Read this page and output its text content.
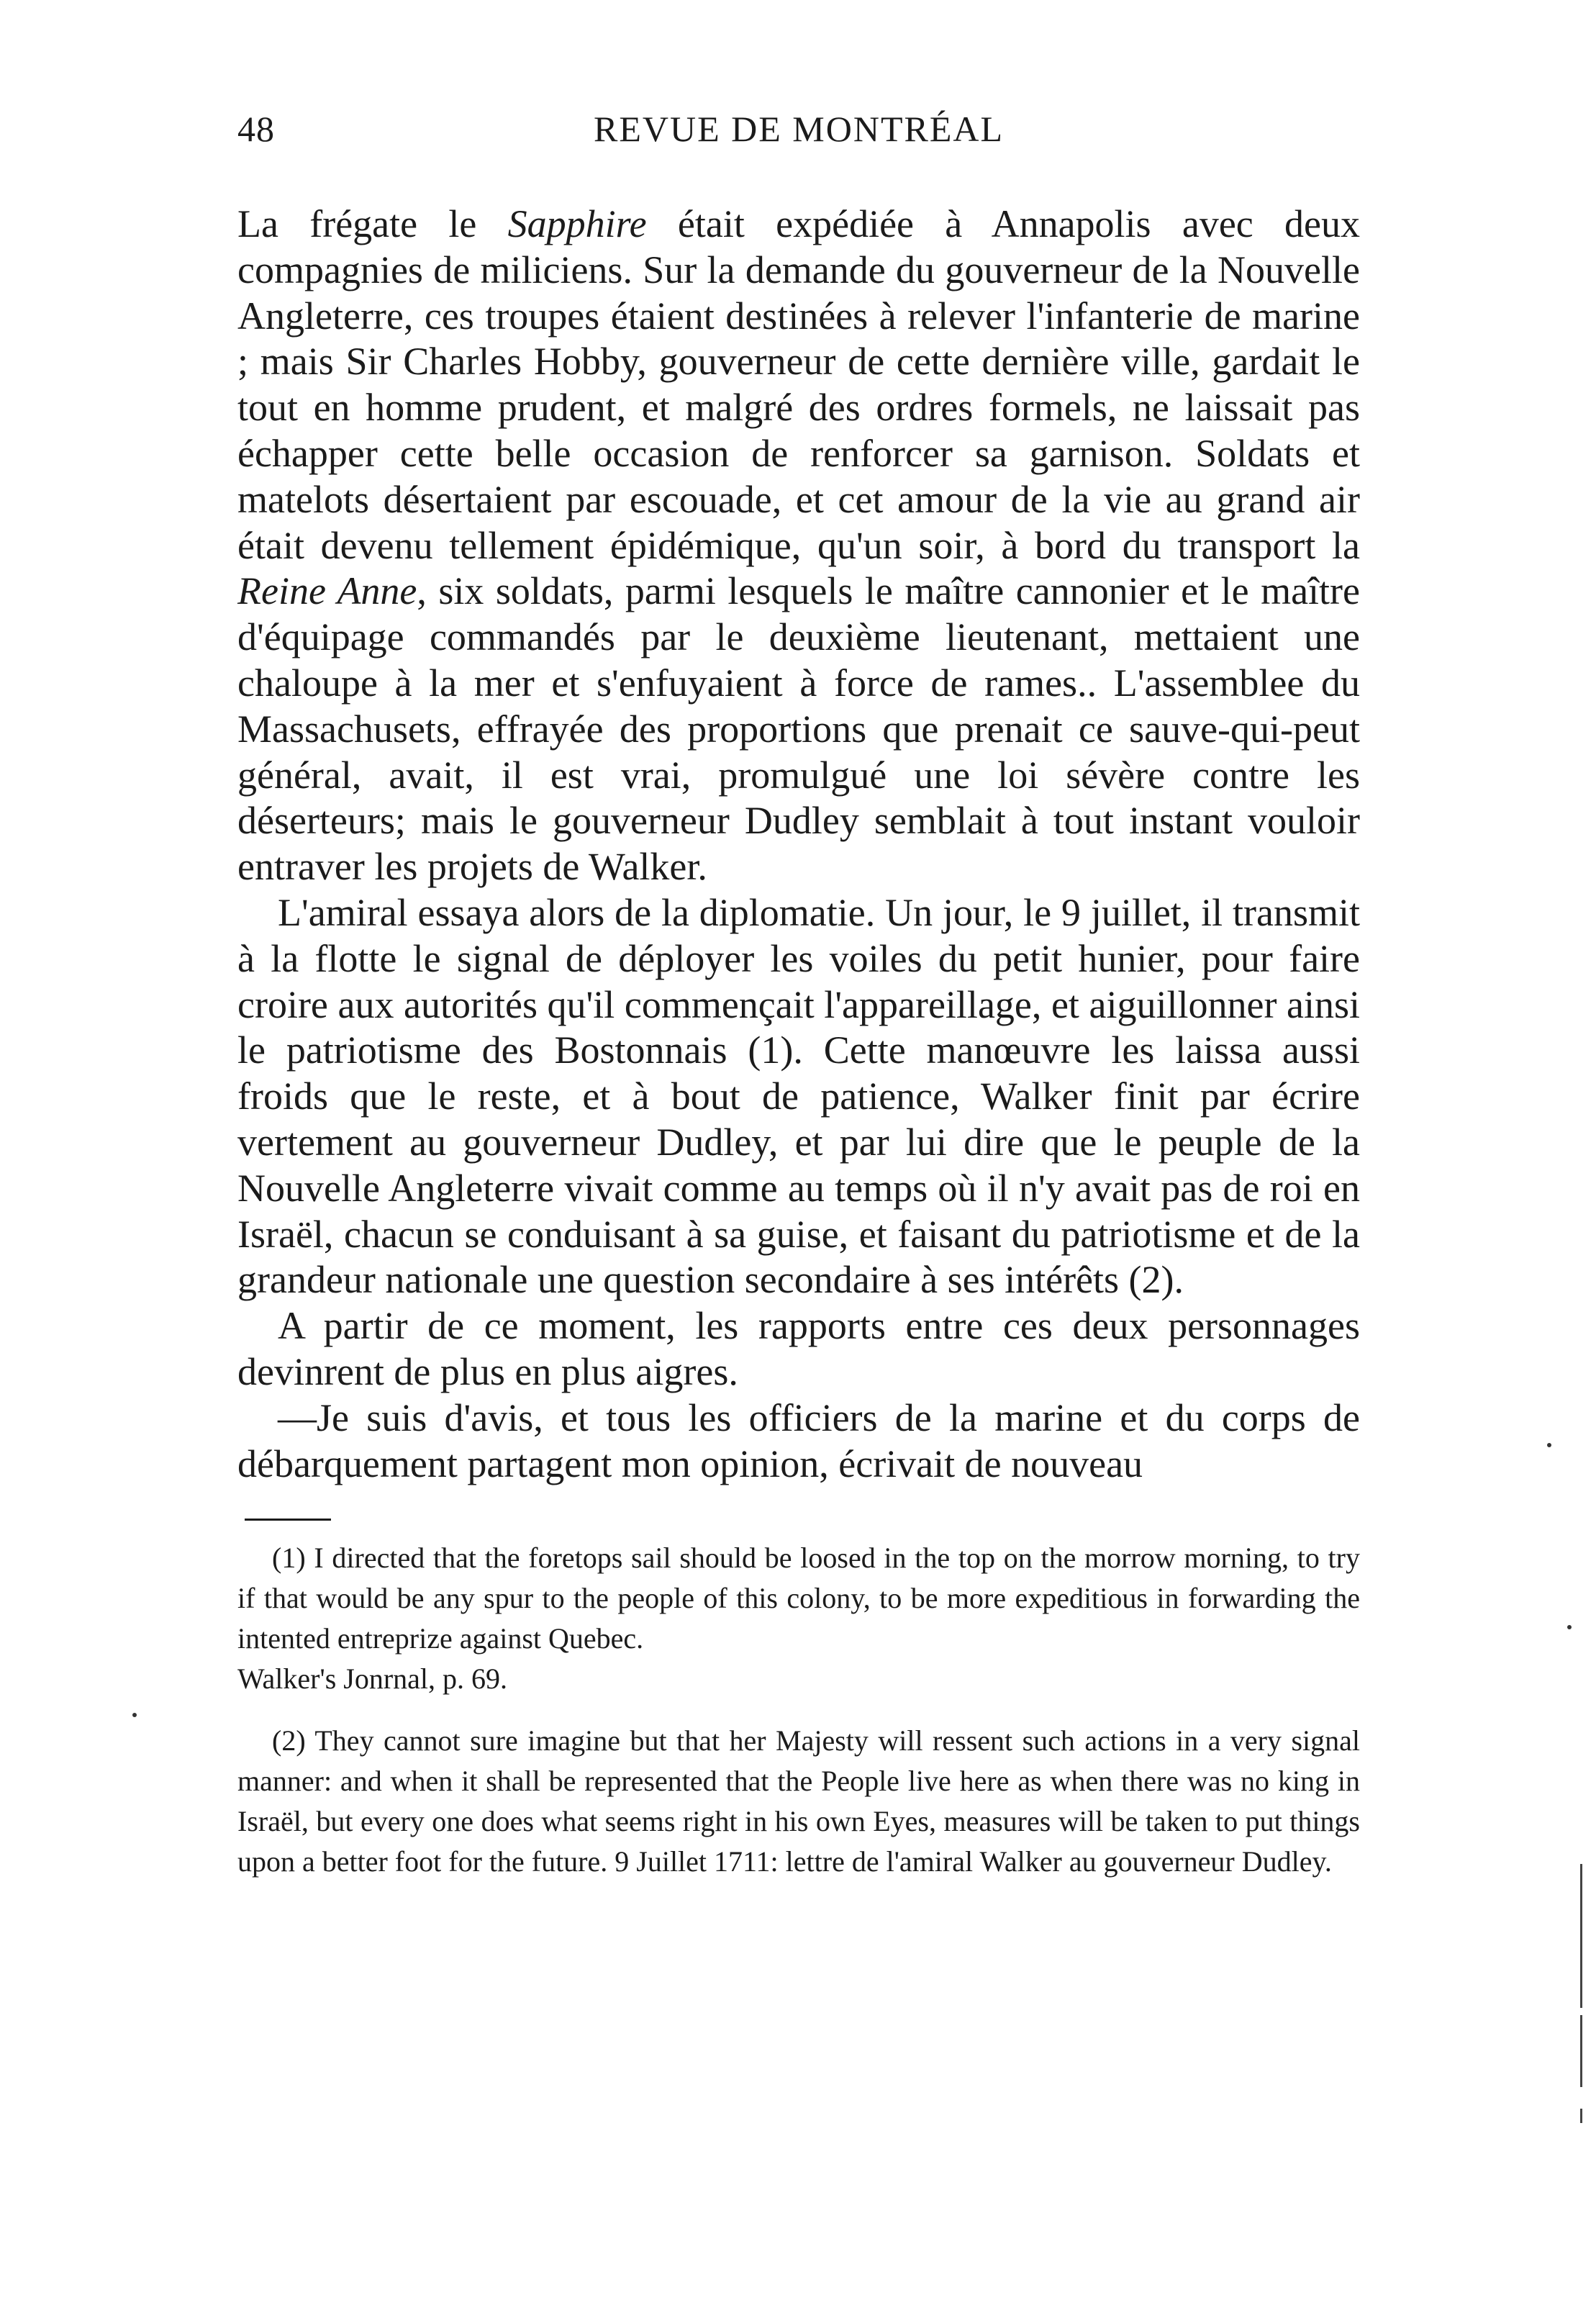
48	REVUE DE MONTRÉAL

La frégate le Sapphire était expédiée à Annapolis avec deux compagnies de miliciens. Sur la demande du gouverneur de la Nouvelle Angleterre, ces troupes étaient destinées à relever l'infanterie de marine ; mais Sir Charles Hobby, gouverneur de cette dernière ville, gardait le tout en homme prudent, et malgré des ordres formels, ne laissait pas échapper cette belle occasion de renforcer sa garnison. Soldats et matelots désertaient par escouade, et cet amour de la vie au grand air était devenu tellement épidémique, qu'un soir, à bord du transport la Reine Anne, six soldats, parmi lesquels le maître cannonier et le maître d'équipage commandés par le deuxième lieutenant, mettaient une chaloupe à la mer et s'enfuyaient à force de rames.. L'assemblee du Massachusets, effrayée des proportions que prenait ce sauve-qui-peut général, avait, il est vrai, promulgué une loi sévère contre les déserteurs; mais le gouverneur Dudley semblait à tout instant vouloir entraver les projets de Walker.

L'amiral essaya alors de la diplomatie. Un jour, le 9 juillet, il transmit à la flotte le signal de déployer les voiles du petit hunier, pour faire croire aux autorités qu'il commençait l'appareillage, et aiguillonner ainsi le patriotisme des Bostonnais (1). Cette manœuvre les laissa aussi froids que le reste, et à bout de patience, Walker finit par écrire vertement au gouverneur Dudley, et par lui dire que le peuple de la Nouvelle Angleterre vivait comme au temps où il n'y avait pas de roi en Israël, chacun se conduisant à sa guise, et faisant du patriotisme et de la grandeur nationale une question secondaire à ses intérêts (2).

A partir de ce moment, les rapports entre ces deux personnages devinrent de plus en plus aigres.

—Je suis d'avis, et tous les officiers de la marine et du corps de débarquement partagent mon opinion, écrivait de nouveau

(1) I directed that the foretops sail should be loosed in the top on the morrow morning, to try if that would be any spur to the people of this colony, to be more expeditious in forwarding the intented entreprize against Quebec.

Walker's Jonrnal, p. 69.

(2) They cannot sure imagine but that her Majesty will ressent such actions in a very signal manner: and when it shall be represented that the People live here as when there was no king in Israël, but every one does what seems right in his own Eyes, measures will be taken to put things upon a better foot for the future. 9 Juillet 1711: lettre de l'amiral Walker au gouverneur Dudley.
